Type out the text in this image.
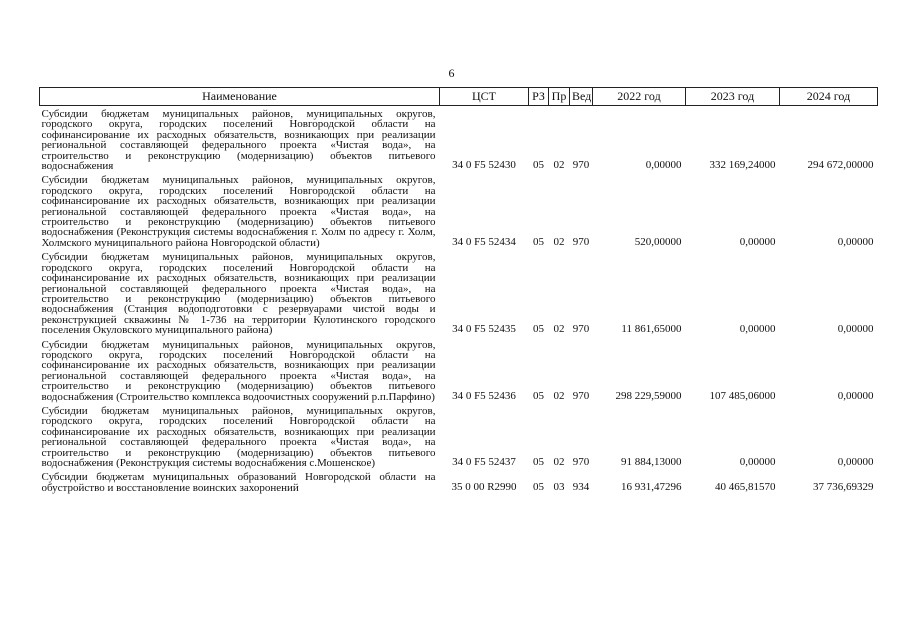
6
Наименование	ЦСТ	РЗ	Пр	Вед	2022 год	2023 год	2024 год
Субсидии бюджетам муниципальных районов, муниципальных округов, городского округа, городских поселений Новгородской области на софинансирование их расходных обязательств, возникающих при реализации региональной составляющей федерального проекта «Чистая вода», на строительство и реконструкцию (модернизацию) объектов питьевого водоснабжения	34 0 F5 52430	05	02	970	0,00000	332 169,24000	294 672,00000
Субсидии бюджетам муниципальных районов, муниципальных округов, городского округа, городских поселений Новгородской области на софинансирование их расходных обязательств, возникающих при реализации региональной составляющей федерального проекта «Чистая вода», на строительство и реконструкцию (модернизацию) объектов питьевого водоснабжения (Реконструкция системы водоснабжения г. Холм по адресу г. Холм, Холмского муниципального района Новгородской области)	34 0 F5 52434	05	02	970	520,00000	0,00000	0,00000
Субсидии бюджетам муниципальных районов, муниципальных округов, городского округа, городских поселений Новгородской области на софинансирование их расходных обязательств, возникающих при реализации региональной составляющей федерального проекта «Чистая вода», на строительство и реконструкцию (модернизацию) объектов питьевого водоснабжения (Станция водоподготовки с резервуарами чистой воды и реконструкцией скважины № 1-736 на территории Кулотинского городского поселения Окуловского муниципального района)	34 0 F5 52435	05	02	970	11 861,65000	0,00000	0,00000
Субсидии бюджетам муниципальных районов, муниципальных округов, городского округа, городских поселений Новгородской области на софинансирование их расходных обязательств, возникающих при реализации региональной составляющей федерального проекта «Чистая вода», на строительство и реконструкцию (модернизацию) объектов питьевого водоснабжения (Строительство комплекса водоочистных сооружений р.п.Парфино)	34 0 F5 52436	05	02	970	298 229,59000	107 485,06000	0,00000
Субсидии бюджетам муниципальных районов, муниципальных округов, городского округа, городских поселений Новгородской области на софинансирование их расходных обязательств, возникающих при реализации региональной составляющей федерального проекта «Чистая вода», на строительство и реконструкцию (модернизацию) объектов питьевого водоснабжения (Реконструкция системы водоснабжения с.Мошенское)	34 0 F5 52437	05	02	970	91 884,13000	0,00000	0,00000
Субсидии бюджетам муниципальных образований Новгородской области на обустройство и восстановление воинских захоронений	35 0 00 R2990	05	03	934	16 931,47296	40 465,81570	37 736,69329
